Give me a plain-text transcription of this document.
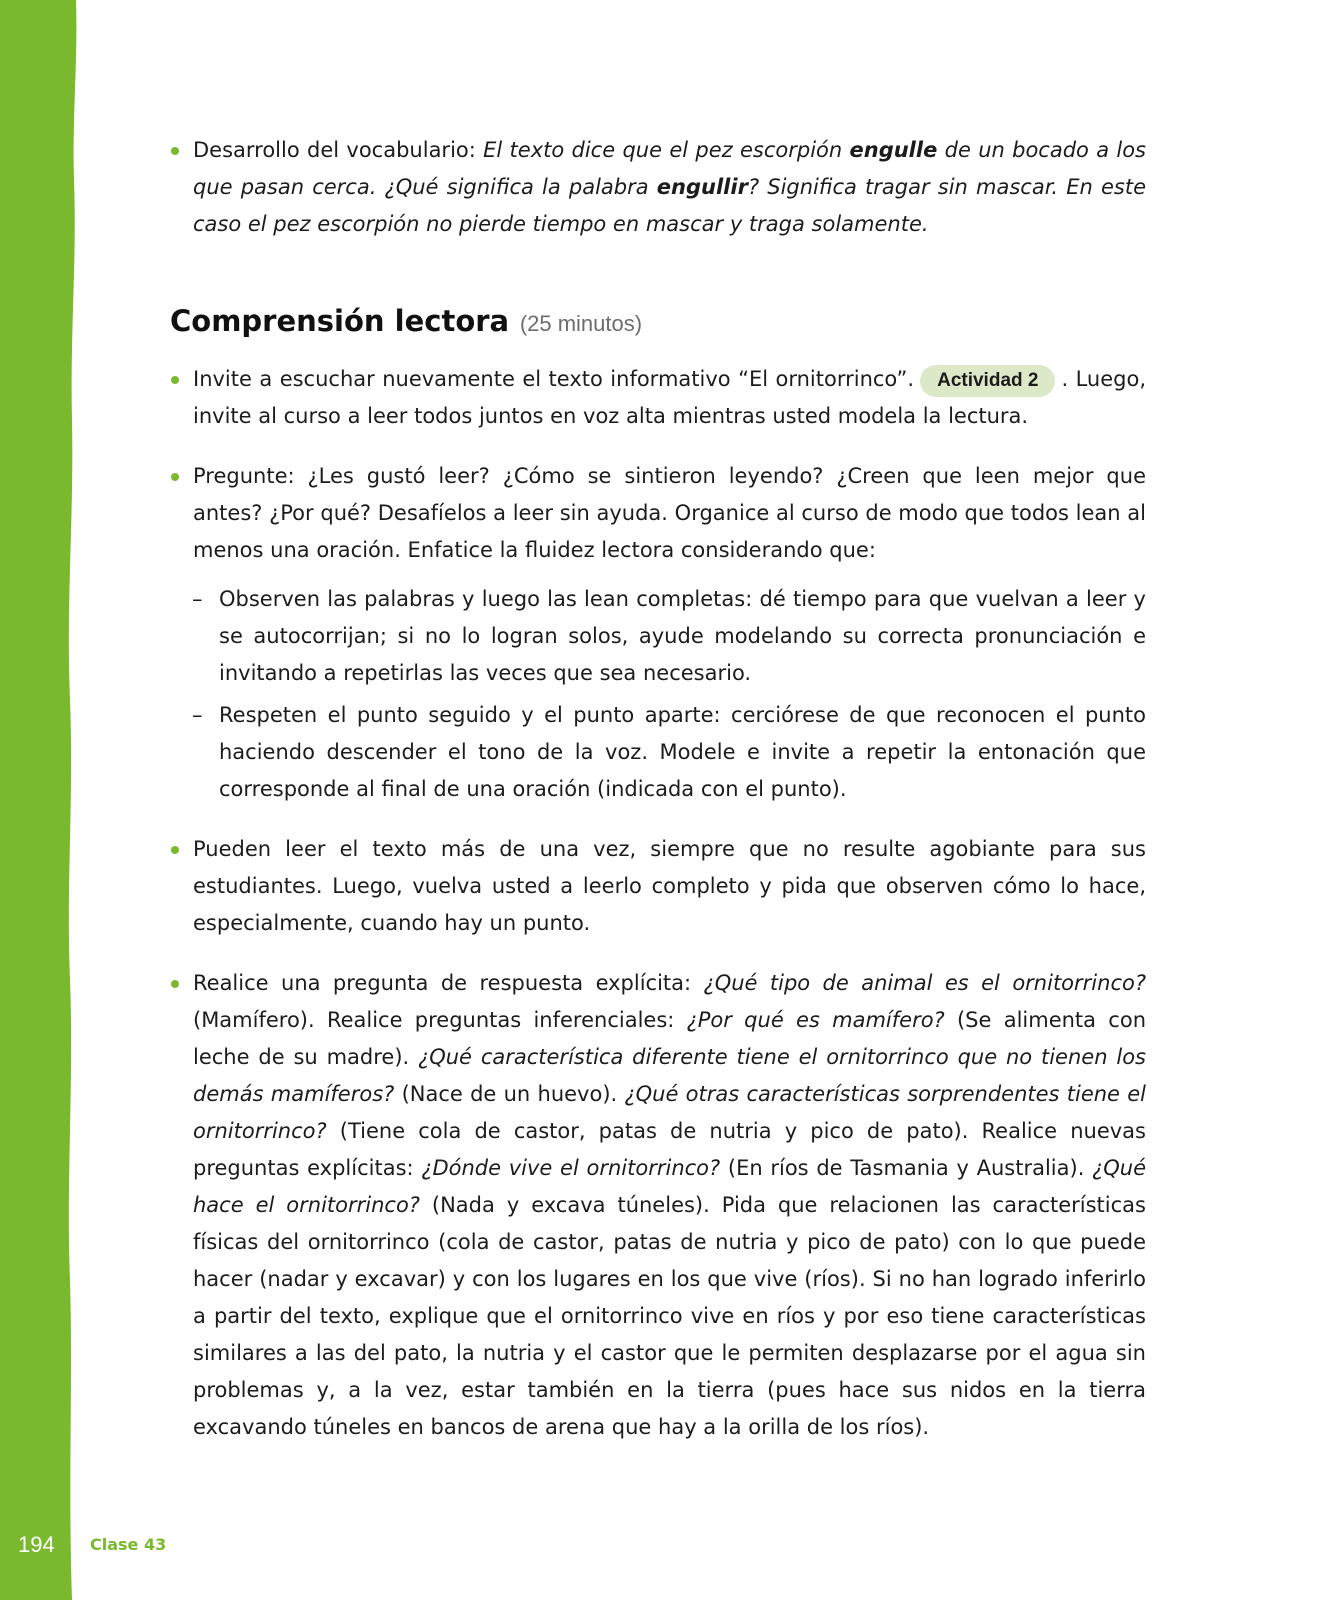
Desarrollo del vocabulario: El texto dice que el pez escorpión engulle de un bocado a los que pasan cerca. ¿Qué significa la palabra engullir? Significa tragar sin mascar. En este caso el pez escorpión no pierde tiempo en mascar y traga solamente.
Comprensión lectora (25 minutos)
Invite a escuchar nuevamente el texto informativo “El ornitorrinco”. Actividad 2 . Luego, invite al curso a leer todos juntos en voz alta mientras usted modela la lectura.
Pregunte: ¿Les gustó leer? ¿Cómo se sintieron leyendo? ¿Creen que leen mejor que antes? ¿Por qué? Desafíelos a leer sin ayuda. Organice al curso de modo que todos lean al menos una oración. Enfatice la fluidez lectora considerando que:
– Observen las palabras y luego las lean completas: dé tiempo para que vuelvan a leer y se autocorrijan; si no lo logran solos, ayude modelando su correcta pronunciación e invitando a repetirlas las veces que sea necesario.
– Respeten el punto seguido y el punto aparte: cerciórese de que reconocen el punto haciendo descender el tono de la voz. Modele e invite a repetir la entonación que corresponde al final de una oración (indicada con el punto).
Pueden leer el texto más de una vez, siempre que no resulte agobiante para sus estudiantes. Luego, vuelva usted a leerlo completo y pida que observen cómo lo hace, especialmente, cuando hay un punto.
Realice una pregunta de respuesta explícita: ¿Qué tipo de animal es el ornitorrinco? (Mamífero). Realice preguntas inferenciales: ¿Por qué es mamífero? (Se alimenta con leche de su madre). ¿Qué característica diferente tiene el ornitorrinco que no tienen los demás mamíferos? (Nace de un huevo). ¿Qué otras características sorprendentes tiene el ornitorrinco? (Tiene cola de castor, patas de nutria y pico de pato). Realice nuevas preguntas explícitas: ¿Dónde vive el ornitorrinco? (En ríos de Tasmania y Australia). ¿Qué hace el ornitorrinco? (Nada y excava túneles). Pida que relacionen las características físicas del ornitorrinco (cola de castor, patas de nutria y pico de pato) con lo que puede hacer (nadar y excavar) y con los lugares en los que vive (ríos). Si no han logrado inferirlo a partir del texto, explique que el ornitorrinco vive en ríos y por eso tiene características similares a las del pato, la nutria y el castor que le permiten desplazarse por el agua sin problemas y, a la vez, estar también en la tierra (pues hace sus nidos en la tierra excavando túneles en bancos de arena que hay a la orilla de los ríos).
194 Clase 43
